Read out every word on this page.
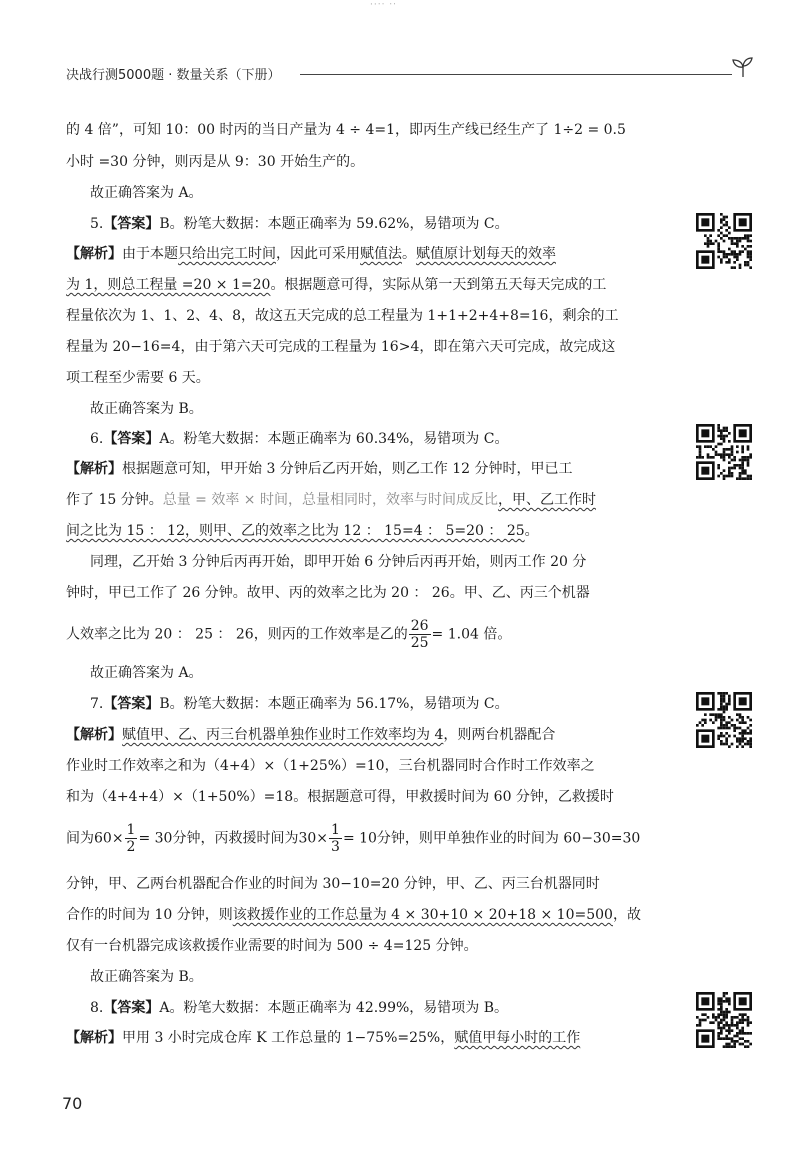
··‧‧ ‧‧
决战行测5000题 · 数量关系（下册）
的 4 倍”，可知 10：00 时丙的当日产量为 4 ÷ 4=1，即丙生产线已经生产了 1÷2 = 0.5
小时 =30 分钟，则丙是从 9：30 开始生产的。
故正确答案为 A。
5.【答案】B。粉笔大数据：本题正确率为 59.62%，易错项为 C。
【解析】由于本题只给出完工时间，因此可采用赋值法。赋值原计划每天的效率
为 1，则总工程量 =20 × 1=20。根据题意可得，实际从第一天到第五天每天完成的工
程量依次为 1、1、2、4、8，故这五天完成的总工程量为 1+1+2+4+8=16，剩余的工
程量为 20−16=4，由于第六天可完成的工程量为 16>4，即在第六天可完成，故完成这
项工程至少需要 6 天。
故正确答案为 B。
6.【答案】A。粉笔大数据：本题正确率为 60.34%，易错项为 C。
【解析】根据题意可知，甲开始 3 分钟后乙丙开始，则乙工作 12 分钟时，甲已工
作了 15 分钟。总量 = 效率 × 时间，总量相同时，效率与时间成反比，甲、乙工作时
间之比为 15 ： 12，则甲、乙的效率之比为 12 ： 15=4 ： 5=20 ： 25。
同理，乙开始 3 分钟后丙再开始，即甲开始 6 分钟后丙再开始，则丙工作 20 分
钟时，甲已工作了 26 分钟。故甲、丙的效率之比为 20 ： 26。甲、乙、丙三个机器
人效率之比为 20 ： 25 ： 26，则丙的工作效率是乙的 $\frac{26}{25} = 1.04$ 倍。
故正确答案为 A。
7.【答案】B。粉笔大数据：本题正确率为 56.17%，易错项为 C。
【解析】赋值甲、乙、丙三台机器单独作业时工作效率均为 4，则两台机器配合
作业时工作效率之和为（4+4）×（1+25%）=10，三台机器同时合作时工作效率之
和为（4+4+4）×（1+50%）=18。根据题意可得，甲救援时间为 60 分钟，乙救援时
间为$60\times \frac{1}{2} = 30$分钟，丙救援时间为$30\times \frac{1}{3} = 10$分钟，则甲单独作业的时间为 60−30=30
分钟，甲、乙两台机器配合作业的时间为 30−10=20 分钟，甲、乙、丙三台机器同时
合作的时间为 10 分钟，则该救援作业的工作总量为 4 × 30+10 × 20+18 × 10=500，故
仅有一台机器完成该救援作业需要的时间为 500 ÷ 4=125 分钟。
故正确答案为 B。
8.【答案】A。粉笔大数据：本题正确率为 42.99%，易错项为 B。
【解析】甲用 3 小时完成仓库 K 工作总量的 1−75%=25%，赋值甲每小时的工作
70
